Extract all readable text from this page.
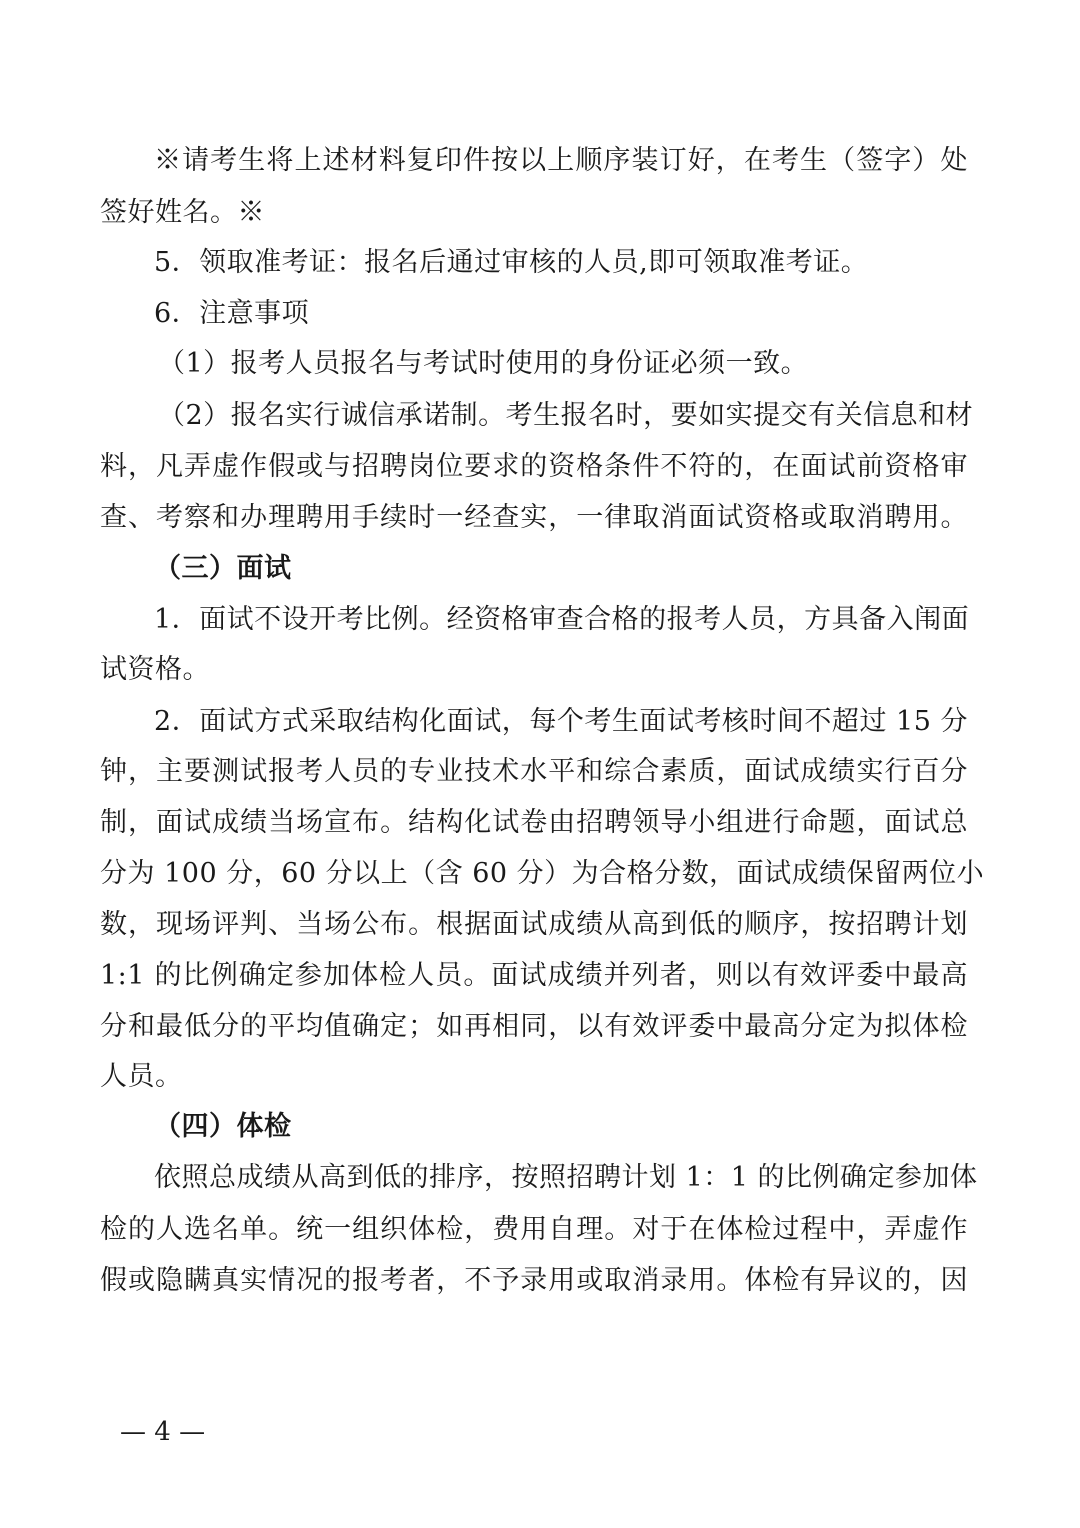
※请考生将上述材料复印件按以上顺序装订好，在考生（签字）处
签好姓名。※
5．领取准考证：报名后通过审核的人员,即可领取准考证。
6．注意事项
（1）报考人员报名与考试时使用的身份证必须一致。
（2）报名实行诚信承诺制。考生报名时，要如实提交有关信息和材
料，凡弄虚作假或与招聘岗位要求的资格条件不符的，在面试前资格审
查、考察和办理聘用手续时一经查实，一律取消面试资格或取消聘用。
（三）面试
1．面试不设开考比例。经资格审查合格的报考人员，方具备入闱面
试资格。
2．面试方式采取结构化面试，每个考生面试考核时间不超过 15 分
钟，主要测试报考人员的专业技术水平和综合素质，面试成绩实行百分
制，面试成绩当场宣布。结构化试卷由招聘领导小组进行命题，面试总
分为 100 分，60 分以上（含 60 分）为合格分数，面试成绩保留两位小
数，现场评判、当场公布。根据面试成绩从高到低的顺序，按招聘计划
1:1 的比例确定参加体检人员。面试成绩并列者，则以有效评委中最高
分和最低分的平均值确定；如再相同，以有效评委中最高分定为拟体检
人员。
（四）体检
依照总成绩从高到低的排序，按照招聘计划 1：1 的比例确定参加体
检的人选名单。统一组织体检，费用自理。对于在体检过程中，弄虚作
假或隐瞒真实情况的报考者，不予录用或取消录用。体检有异议的，因
— 4 —
